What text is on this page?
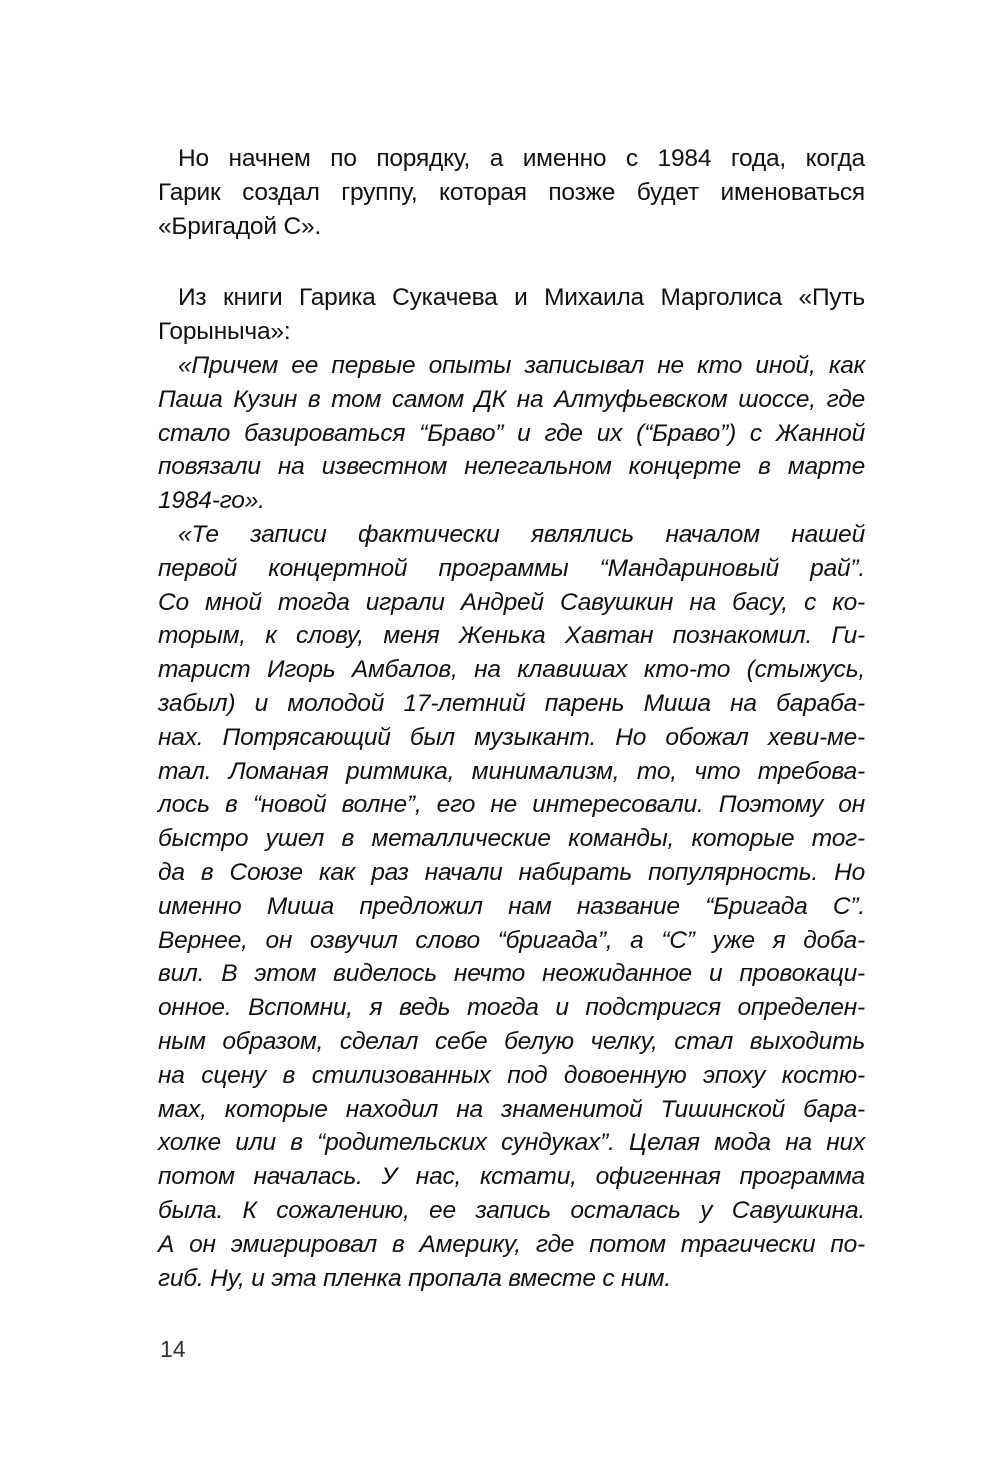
Но начнем по порядку, а именно с 1984 года, когда
Гарик создал группу, которая позже будет именоваться
«Бригадой С».
Из книги Гарика Сукачева и Михаила Марголиса «Путь
Горыныча»:
«Причем ее первые опыты записывал не кто иной, как
Паша Кузин в том самом ДК на Алтуфьевском шоссе, где
стало базироваться “Браво” и где их (“Браво”) с Жанной
повязали на известном нелегальном концерте в марте
1984-го».
«Те записи фактически являлись началом нашей
первой концертной программы “Мандариновый рай”.
Со мной тогда играли Андрей Савушкин на басу, с ко-
торым, к слову, меня Женька Хавтан познакомил. Ги-
тарист Игорь Амбалов, на клавишах кто-то (стыжусь,
забыл) и молодой 17-летний парень Миша на бараба-
нах. Потрясающий был музыкант. Но обожал хеви-ме-
тал. Ломаная ритмика, минимализм, то, что требова-
лось в “новой волне”, его не интересовали. Поэтому он
быстро ушел в металлические команды, которые тог-
да в Союзе как раз начали набирать популярность. Но
именно Миша предложил нам название “Бригада С”.
Вернее, он озвучил слово “бригада”, а “С” уже я доба-
вил. В этом виделось нечто неожиданное и провокаци-
онное. Вспомни, я ведь тогда и подстригся определен-
ным образом, сделал себе белую челку, стал выходить
на сцену в стилизованных под довоенную эпоху костю-
мах, которые находил на знаменитой Тишинской бара-
холке или в “родительских сундуках”. Целая мода на них
потом началась. У нас, кстати, офигенная программа
была. К сожалению, ее запись осталась у Савушкина.
А он эмигрировал в Америку, где потом трагически по-
гиб. Ну, и эта пленка пропала вместе с ним.
14
